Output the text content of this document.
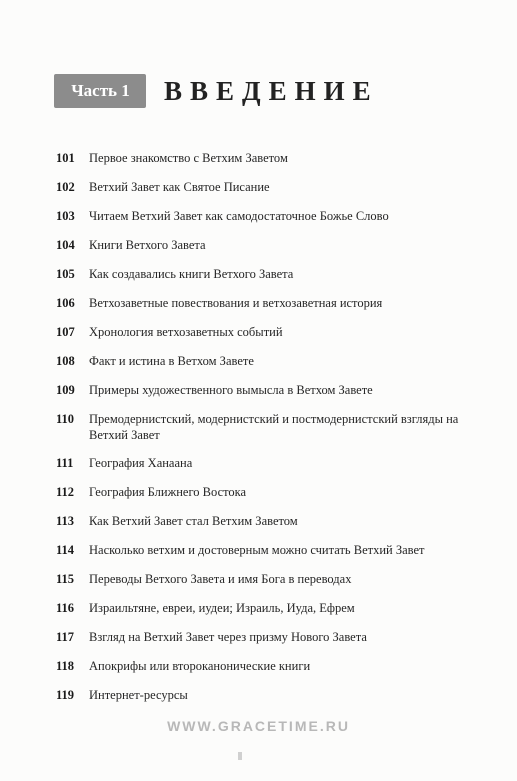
Часть 1	ВВЕДЕНИЕ
101	Первое знакомство с Ветхим Заветом
102	Ветхий Завет как Святое Писание
103	Читаем Ветхий Завет как самодостаточное Божье Слово
104	Книги Ветхого Завета
105	Как создавались книги Ветхого Завета
106	Ветхозаветные повествования и ветхозаветная история
107	Хронология ветхозаветных событий
108	Факт и истина в Ветхом Завете
109	Примеры художественного вымысла в Ветхом Завете
110	Премодернистский, модернистский и постмодернистский взгляды на Ветхий Завет
111	География Ханаана
112	География Ближнего Востока
113	Как Ветхий Завет стал Ветхим Заветом
114	Насколько ветхим и достоверным можно считать Ветхий Завет
115	Переводы Ветхого Завета и имя Бога в переводах
116	Израильтяне, евреи, иудеи; Израиль, Иуда, Ефрем
117	Взгляд на Ветхий Завет через призму Нового Завета
118	Апокрифы или второканонические книги
119	Интернет-ресурсы
WWW.GRACETIME.RU
